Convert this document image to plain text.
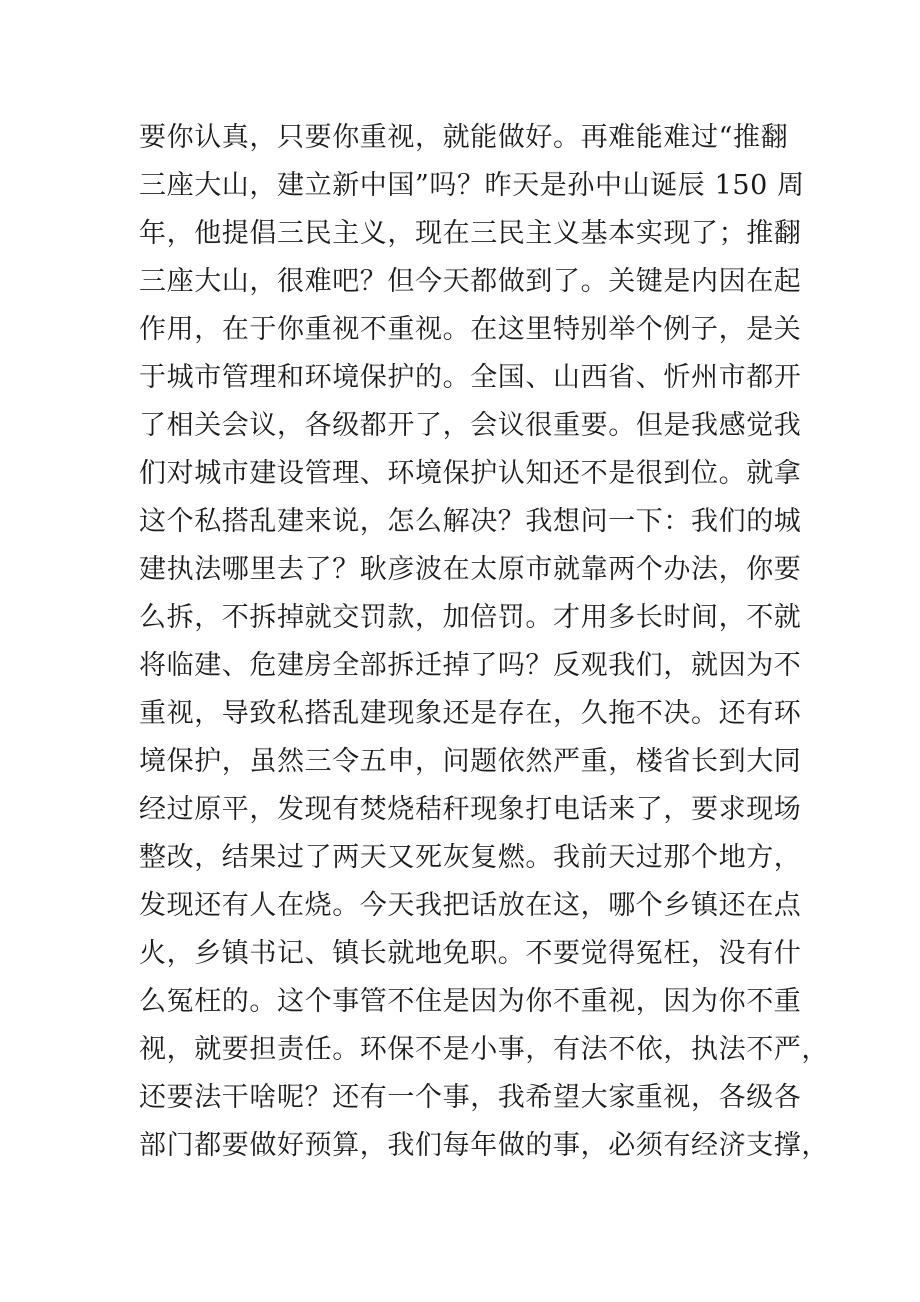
要你认真，只要你重视，就能做好。再难能难过“推翻
三座大山，建立新中国”吗？昨天是孙中山诞辰 150 周
年，他提倡三民主义，现在三民主义基本实现了；推翻
三座大山，很难吧？但今天都做到了。关键是内因在起
作用，在于你重视不重视。在这里特别举个例子，是关
于城市管理和环境保护的。全国、山西省、忻州市都开
了相关会议，各级都开了，会议很重要。但是我感觉我
们对城市建设管理、环境保护认知还不是很到位。就拿
这个私搭乱建来说，怎么解决？我想问一下：我们的城
建执法哪里去了？耿彦波在太原市就靠两个办法，你要
么拆，不拆掉就交罚款，加倍罚。才用多长时间，不就
将临建、危建房全部拆迁掉了吗？反观我们，就因为不
重视，导致私搭乱建现象还是存在，久拖不决。还有环
境保护，虽然三令五申，问题依然严重，楼省长到大同
经过原平，发现有焚烧秸秆现象打电话来了，要求现场
整改，结果过了两天又死灰复燃。我前天过那个地方，
发现还有人在烧。今天我把话放在这，哪个乡镇还在点
火，乡镇书记、镇长就地免职。不要觉得冤枉，没有什
么冤枉的。这个事管不住是因为你不重视，因为你不重
视，就要担责任。环保不是小事，有法不依，执法不严，
还要法干啥呢？还有一个事，我希望大家重视，各级各
部门都要做好预算，我们每年做的事，必须有经济支撑，
